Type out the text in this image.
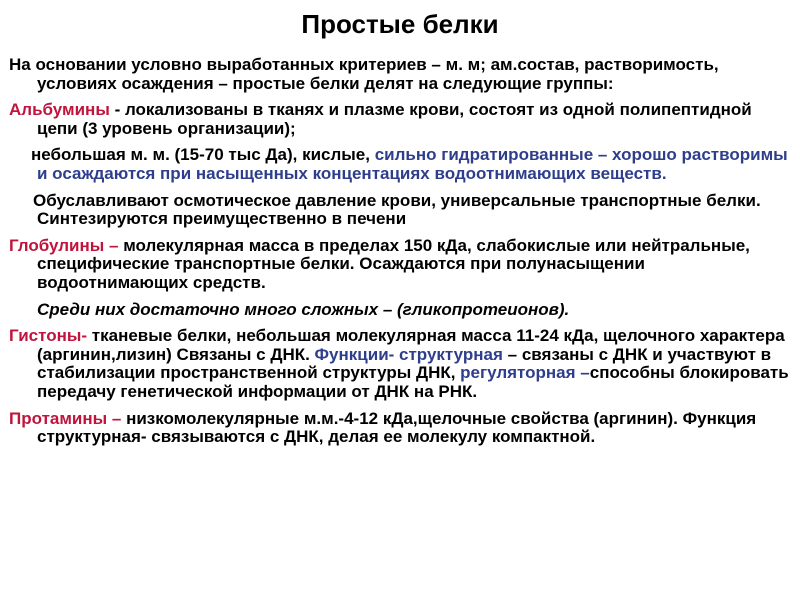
Простые белки

На основании условно выработанных критериев – м. м; ам.состав, растворимость, условиях осаждения – простые белки делят на следующие группы:

Альбумины - локализованы в тканях и плазме крови, состоят из одной полипептидной цепи (3 уровень организации);

небольшая м. м. (15-70 тыс Да), кислые, сильно гидратированные – хорошо растворимы и осаждаются при насыщенных концентациях водоотнимающих веществ.

Обуславливают осмотическое давление крови, универсальные транспортные белки. Синтезируются преимущественно в печени

Глобулины – молекулярная масса в пределах 150 кДа, слабокислые или нейтральные, специфические транспортные белки. Осаждаются при полунасыщении водоотнимающих средств.

Среди них достаточно много сложных – (гликопротеионов).

Гистоны- тканевые белки, небольшая молекулярная масса 11-24 кДа, щелочного характера (аргинин,лизин) Связаны с ДНК. Функции- структурная – связаны с ДНК и участвуют в стабилизации пространственной структуры ДНК, регуляторная –способны блокировать передачу генетической информации от ДНК на РНК.

Протамины – низкомолекулярные м.м.-4-12 кДа,щелочные свойства (аргинин). Функция структурная- связываются с ДНК, делая ее молекулу компактной.
